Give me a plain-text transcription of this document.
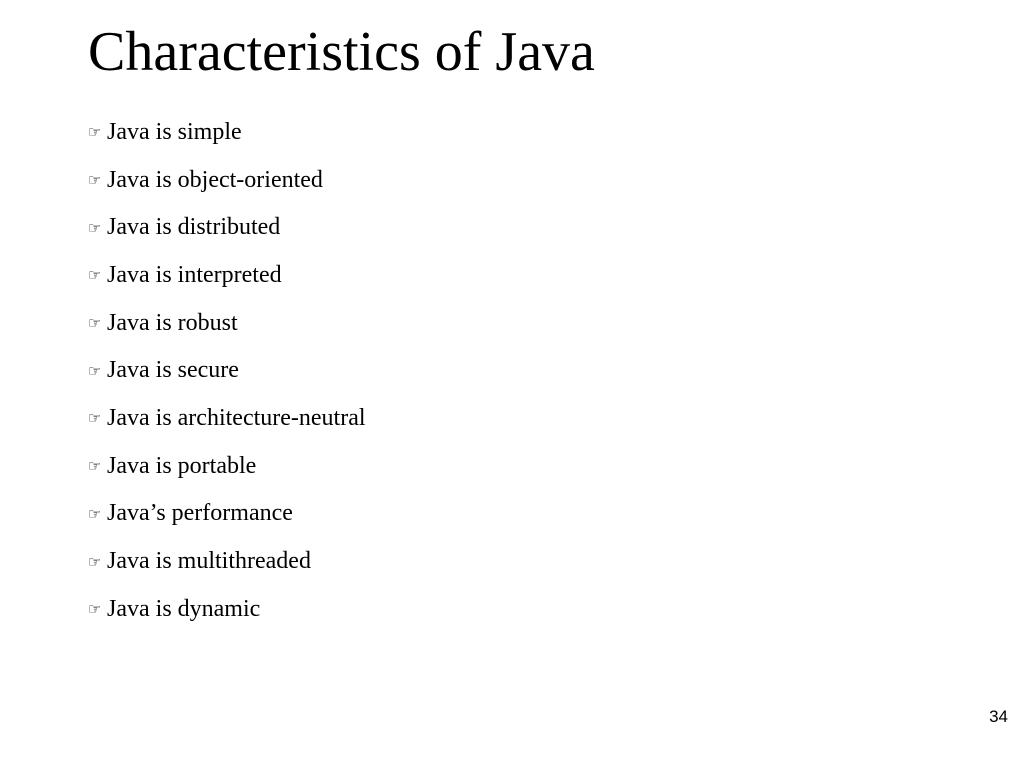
Characteristics of Java
☞ Java is simple
☞ Java is object-oriented
☞ Java is distributed
☞ Java is interpreted
☞ Java is robust
☞ Java is secure
☞ Java is architecture-neutral
☞ Java is portable
☞ Java’s performance
☞ Java is multithreaded
☞ Java is dynamic
34
